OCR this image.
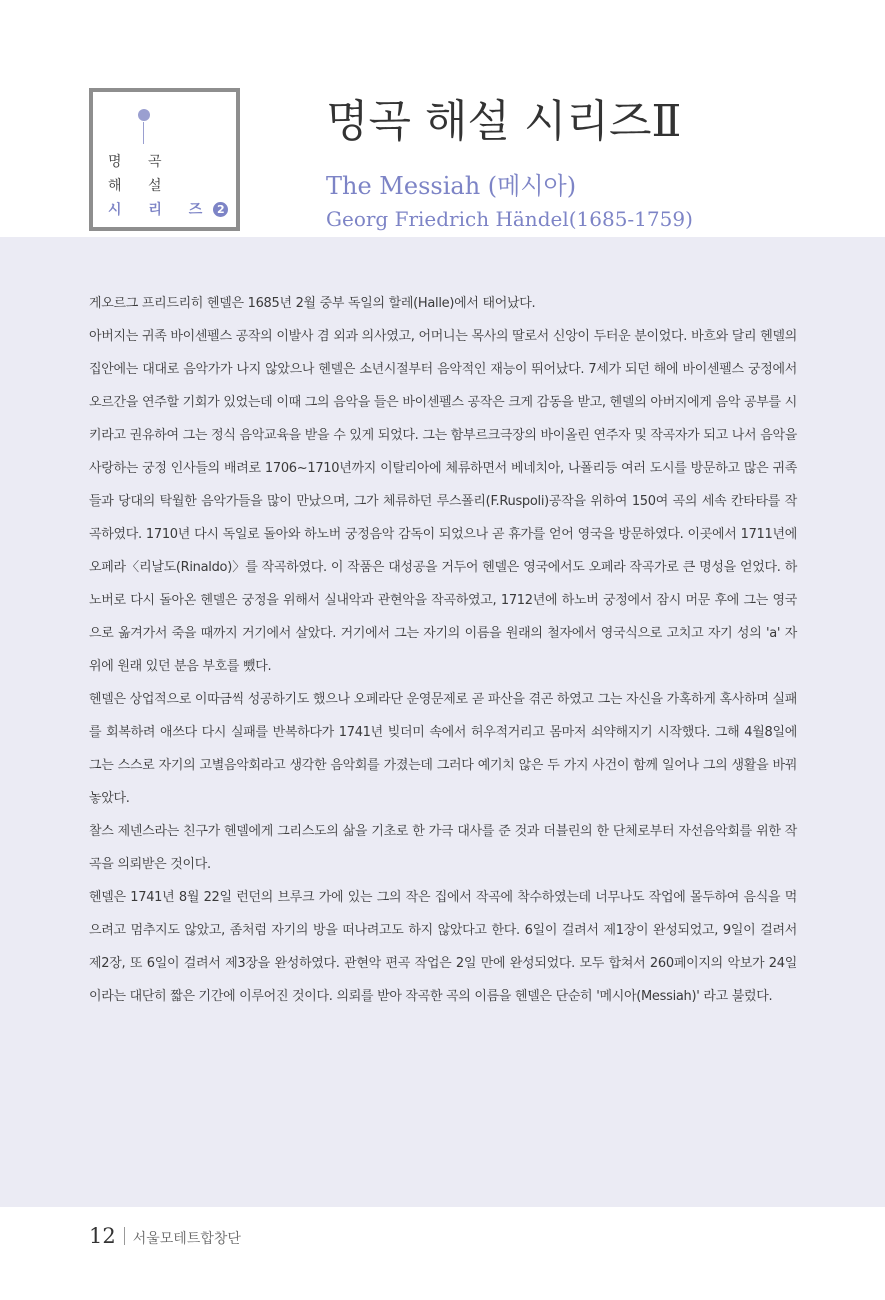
명 곡
해 설
시 리 즈 2
명곡 해설 시리즈Ⅱ
The Messiah (메시아)
Georg Friedrich Händel(1685-1759)

게오르그 프리드리히 헨델은 1685년 2월 중부 독일의 할레(Halle)에서 태어났다.

아버지는 귀족 바이센펠스 공작의 이발사 겸 외과 의사였고, 어머니는 목사의 딸로서 신앙이 두터운 분이었다. 바흐와 달리 헨델의 집안에는 대대로 음악가가 나지 않았으나 헨델은 소년시절부터 음악적인 재능이 뛰어났다. 7세가 되던 해에 바이센펠스 궁정에서 오르간을 연주할 기회가 있었는데 이때 그의 음악을 들은 바이센펠스 공작은 크게 감동을 받고, 헨델의 아버지에게 음악 공부를 시키라고 권유하여 그는 정식 음악교육을 받을 수 있게 되었다. 그는 함부르크극장의 바이올린 연주자 및 작곡자가 되고 나서 음악을 사랑하는 궁정 인사들의 배려로 1706~1710년까지 이탈리아에 체류하면서 베네치아, 나폴리등 여러 도시를 방문하고 많은 귀족들과 당대의 탁월한 음악가들을 많이 만났으며, 그가 체류하던 루스폴리(F.Ruspoli)공작을 위하여 150여 곡의 세속 칸타타를 작곡하였다. 1710년 다시 독일로 돌아와 하노버 궁정음악 감독이 되었으나 곧 휴가를 얻어 영국을 방문하였다. 이곳에서 1711년에 오페라〈리날도(Rinaldo)〉를 작곡하였다. 이 작품은 대성공을 거두어 헨델은 영국에서도 오페라 작곡가로 큰 명성을 얻었다. 하노버로 다시 돌아온 헨델은 궁정을 위해서 실내악과 관현악을 작곡하였고, 1712년에 하노버 궁정에서 잠시 머문 후에 그는 영국으로 옮겨가서 죽을 때까지 거기에서 살았다. 거기에서 그는 자기의 이름을 원래의 철자에서 영국식으로 고치고 자기 성의 'a' 자위에 원래 있던 분음 부호를 뺐다.

헨델은 상업적으로 이따금씩 성공하기도 했으나 오페라단 운영문제로 곧 파산을 겪곤 하였고 그는 자신을 가혹하게 혹사하며 실패를 회복하려 애쓰다 다시 실패를 반복하다가 1741년 빚더미 속에서 허우적거리고 몸마저 쇠약해지기 시작했다. 그해 4월8일에 그는 스스로 자기의 고별음악회라고 생각한 음악회를 가졌는데 그러다 예기치 않은 두 가지 사건이 함께 일어나 그의 생활을 바꿔 놓았다.

찰스 제넨스라는 친구가 헨델에게 그리스도의 삶을 기초로 한 가극 대사를 준 것과 더블린의 한 단체로부터 자선음악회를 위한 작곡을 의뢰받은 것이다.

헨델은 1741년 8월 22일 런던의 브루크 가에 있는 그의 작은 집에서 작곡에 착수하였는데 너무나도 작업에 몰두하여 음식을 먹으려고 멈추지도 않았고, 좀처럼 자기의 방을 떠나려고도 하지 않았다고 한다. 6일이 걸려서 제1장이 완성되었고, 9일이 걸려서 제2장, 또 6일이 걸려서 제3장을 완성하였다. 관현악 편곡 작업은 2일 만에 완성되었다. 모두 합쳐서 260페이지의 악보가 24일이라는 대단히 짧은 기간에 이루어진 것이다. 의뢰를 받아 작곡한 곡의 이름을 헨델은 단순히 '메시아(Messiah)' 라고 불렀다.

12 서울모테트합창단
